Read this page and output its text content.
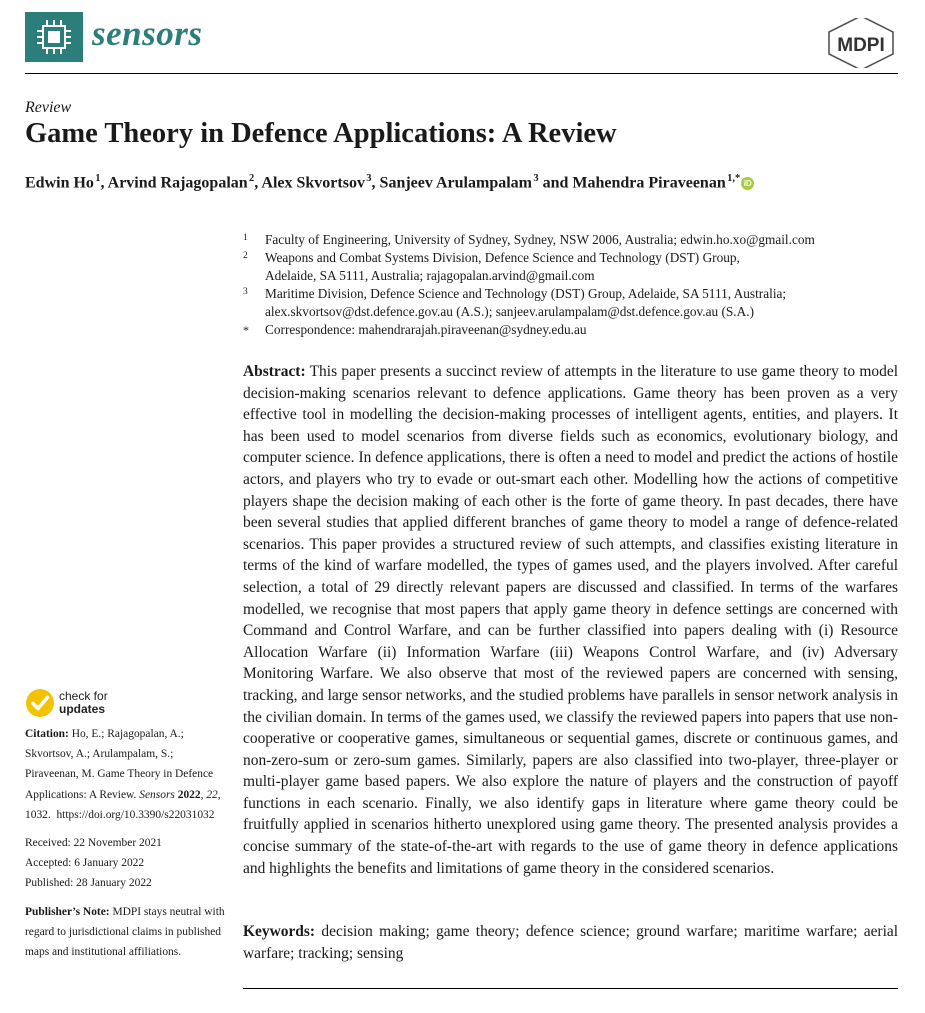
sensors	MDPI
Review
Game Theory in Defence Applications: A Review
Edwin Ho $^1$, Arvind Rajagopalan $^2$, Alex Skvortsov $^3$, Sanjeev Arulampalam $^3$ and Mahendra Piraveenan $^{1,*}$ iD
1 Faculty of Engineering, University of Sydney, Sydney, NSW 2006, Australia; edwin.ho.xo@gmail.com
2 Weapons and Combat Systems Division, Defence Science and Technology (DST) Group,
Adelaide, SA 5111, Australia; rajagopalan.arvind@gmail.com
3 Maritime Division, Defence Science and Technology (DST) Group, Adelaide, SA 5111, Australia;
alex.skvortsov@dst.defence.gov.au (A.S.); sanjeev.arulampalam@dst.defence.gov.au (S.A.)
* Correspondence: mahendrarajah.piraveenan@sydney.edu.au
Abstract: This paper presents a succinct review of attempts in the literature to use game theory to model decision-making scenarios relevant to defence applications. Game theory has been proven as a very effective tool in modelling the decision-making processes of intelligent agents, entities, and players. It has been used to model scenarios from diverse fields such as economics, evolutionary biology, and computer science. In defence applications, there is often a need to model and predict the actions of hostile actors, and players who try to evade or out-smart each other. Modelling how the actions of competitive players shape the decision making of each other is the forte of game theory. In past decades, there have been several studies that applied different branches of game theory to model a range of defence-related scenarios. This paper provides a structured review of such attempts, and classifies existing literature in terms of the kind of warfare modelled, the types of games used, and the players involved. After careful selection, a total of 29 directly relevant papers are discussed and classified. In terms of the warfares modelled, we recognise that most papers that apply game theory in defence settings are concerned with Command and Control Warfare, and can be further classified into papers dealing with (i) Resource Allocation Warfare (ii) Information Warfare (iii) Weapons Control Warfare, and (iv) Adversary Monitoring Warfare. We also observe that most of the reviewed papers are concerned with sensing, tracking, and large sensor networks, and the studied problems have parallels in sensor network analysis in the civilian domain. In terms of the games used, we classify the reviewed papers into papers that use non-cooperative or cooperative games, simultaneous or sequential games, discrete or continuous games, and non-zero-sum or zero-sum games. Similarly, papers are also classified into two-player, three-player or multi-player game based papers. We also explore the nature of players and the construction of payoff functions in each scenario. Finally, we also identify gaps in literature where game theory could be fruitfully applied in scenarios hitherto unexplored using game theory. The presented analysis provides a concise summary of the state-of-the-art with regards to the use of game theory in defence applications and highlights the benefits and limitations of game theory in the considered scenarios.
Keywords: decision making; game theory; defence science; ground warfare; maritime warfare; aerial warfare; tracking; sensing
check for
updates
Citation: Ho, E.; Rajagopalan, A.; Skvortsov, A.; Arulampalam, S.; Piraveenan, M. Game Theory in Defence Applications: A Review. Sensors 2022, 22, 1032. https://doi.org/10.3390/s22031032
Received: 22 November 2021
Accepted: 6 January 2022
Published: 28 January 2022
Publisher’s Note: MDPI stays neutral with regard to jurisdictional claims in published maps and institutional affiliations.
